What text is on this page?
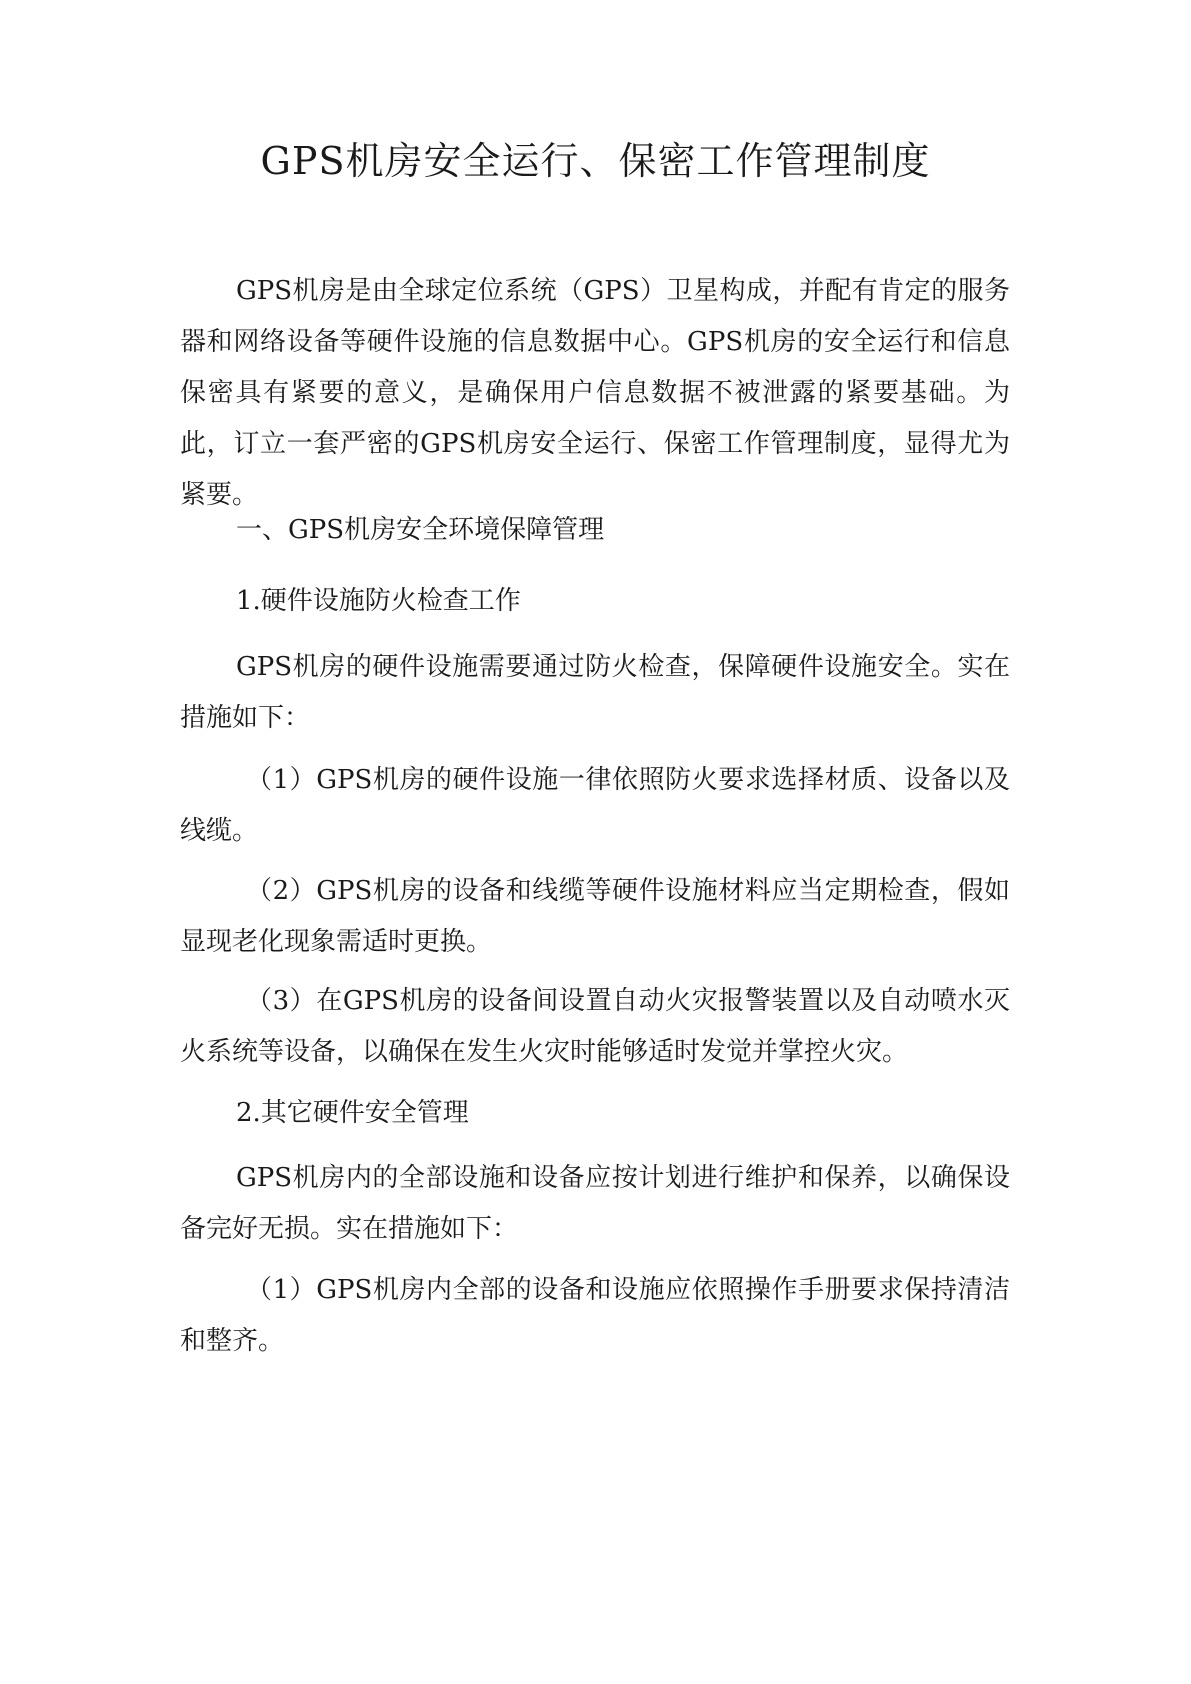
GPS机房安全运行、保密工作管理制度

GPS机房是由全球定位系统（GPS）卫星构成，并配有肯定的服务器和网络设备等硬件设施的信息数据中心。GPS机房的安全运行和信息保密具有紧要的意义，是确保用户信息数据不被泄露的紧要基础。为此，订立一套严密的GPS机房安全运行、保密工作管理制度，显得尤为紧要。

一、GPS机房安全环境保障管理

1.硬件设施防火检查工作

GPS机房的硬件设施需要通过防火检查，保障硬件设施安全。实在措施如下：

（1）GPS机房的硬件设施一律依照防火要求选择材质、设备以及线缆。

（2）GPS机房的设备和线缆等硬件设施材料应当定期检查，假如显现老化现象需适时更换。

（3）在GPS机房的设备间设置自动火灾报警装置以及自动喷水灭火系统等设备，以确保在发生火灾时能够适时发觉并掌控火灾。

2.其它硬件安全管理

GPS机房内的全部设施和设备应按计划进行维护和保养，以确保设备完好无损。实在措施如下：

（1）GPS机房内全部的设备和设施应依照操作手册要求保持清洁和整齐。
